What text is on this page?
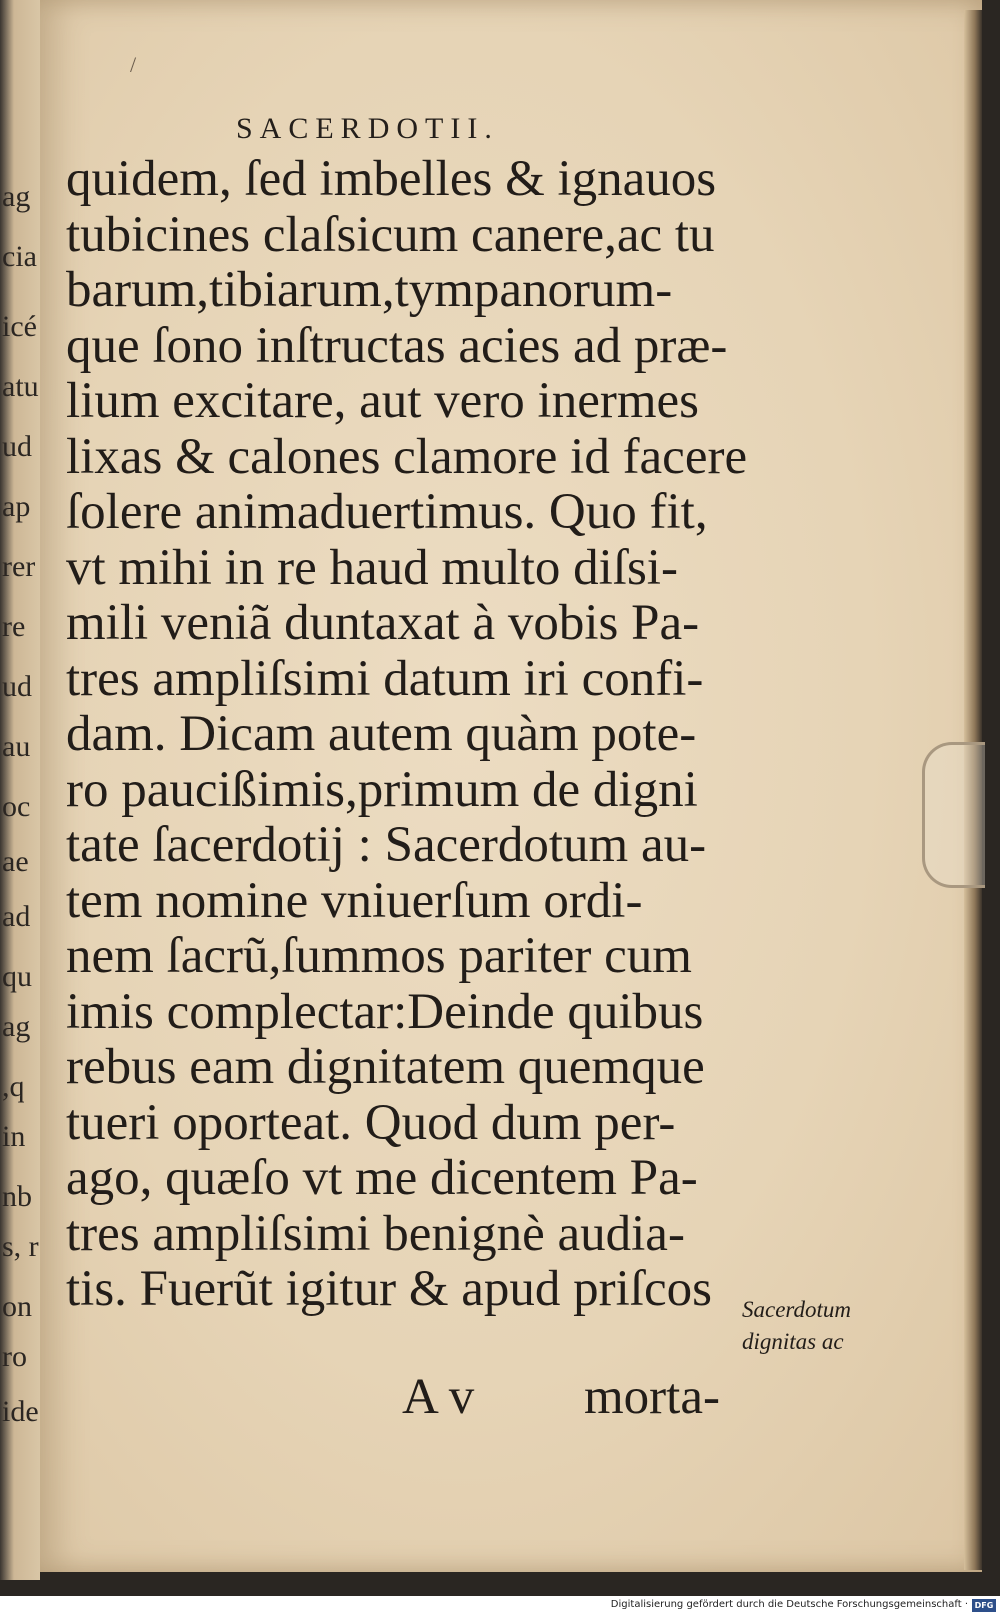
ag
cia
icé
atu
ud
ap
rer
re
ud
au
oc
ae
ad
qu
ag
,q
in
nb
s, r
on
ro
ide
/
SACERDOTII.
quidem, ſed imbelles & ignauos
tubicines claſsicum canere,ac tu
barum,tibiarum,tympanorum-
que ſono inſtructas acies ad præ-
lium excitare, aut vero inermes
lixas & calones clamore id facere
ſolere animaduertimus. Quo fit,
vt mihi in re haud multo diſsi-
mili veniã duntaxat à vobis Pa-
tres ampliſsimi datum iri confi-
dam. Dicam autem quàm pote-
ro paucißimis,primum de digni
tate ſacerdotij : Sacerdotum au-
tem nomine vniuerſum ordi-
nem ſacrũ,ſummos pariter cum
imis complectar:Deinde quibus
rebus eam dignitatem quemque
tueri oporteat. Quod dum per-
ago, quæſo vt me dicentem Pa-
tres ampliſsimi benignè audia-
tis. Fuerũt igitur & apud priſcos	Sacerdotum
dignitas ac
A v morta-
Digitalisierung gefördert durch die Deutsche Forschungsgemeinschaft · DFG
